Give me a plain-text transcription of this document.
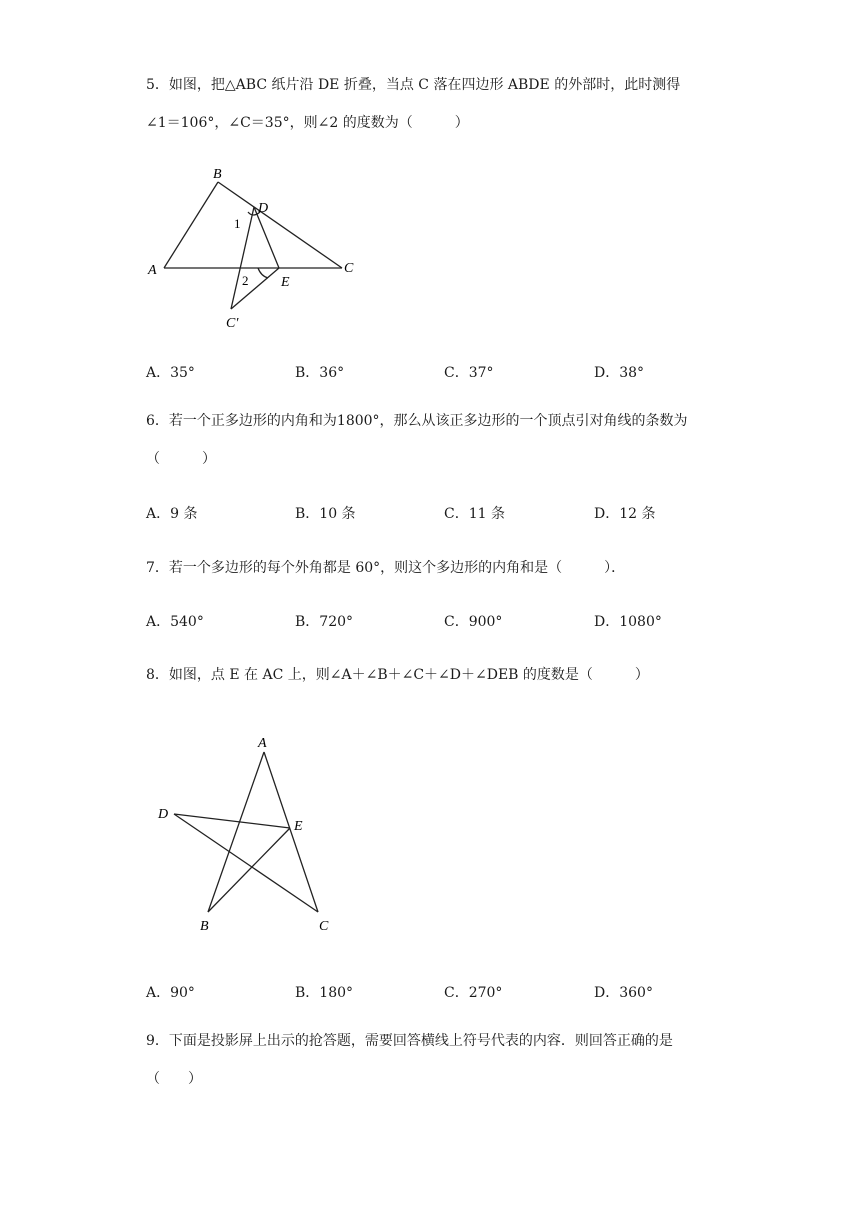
5．如图，把△ABC 纸片沿 DE 折叠，当点 C 落在四边形 ABDE 的外部时，此时测得
∠1＝106°，∠C＝35°，则∠2 的度数为（　　　）
B
D
A	C
E
C′
1
2
A．35°	B．36°	C．37°	D．38°
6．若一个正多边形的内角和为1800°，那么从该正多边形的一个顶点引对角线的条数为
（　　　）
A．9 条	B．10 条	C．11 条	D．12 条
7．若一个多边形的每个外角都是 60°，则这个多边形的内角和是（　　　）．
A．540°	B．720°	C．900°	D．1080°
8．如图，点 E 在 AC 上，则∠A＋∠B＋∠C＋∠D＋∠DEB 的度数是（　　　）
A
D
E
B	C
A．90°	B．180°	C．270°	D．360°
9．下面是投影屏上出示的抢答题，需要回答横线上符号代表的内容．则回答正确的是
（　　）
